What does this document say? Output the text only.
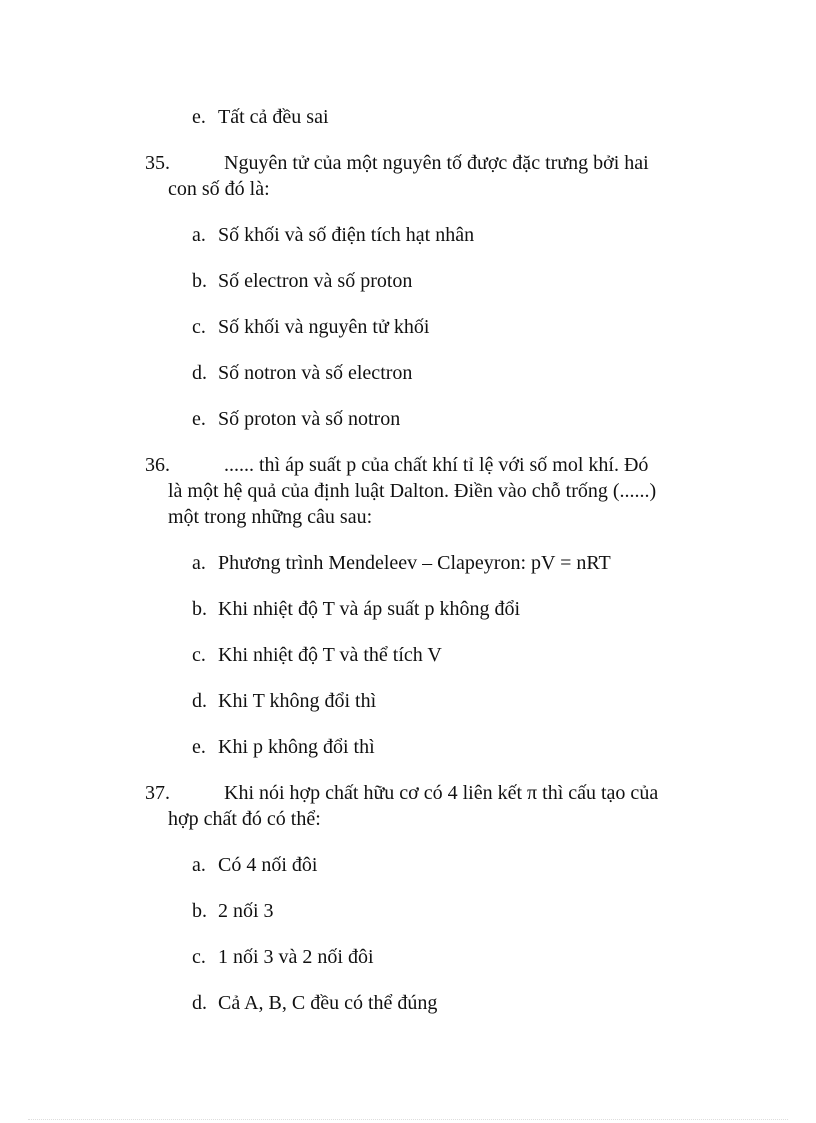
e. Tất cả đều sai
35.	Nguyên tử của một nguyên tố được đặc trưng bởi hai
con số đó là:
a. Số khối và số điện tích hạt nhân
b. Số electron và số proton
c. Số khối và nguyên tử khối
d. Số notron và số electron
e. Số proton và số notron
36.	...... thì áp suất p của chất khí tỉ lệ với số mol khí. Đó
là một hệ quả của định luật Dalton. Điền vào chỗ trống (......)
một trong những câu sau:
a. Phương trình Mendeleev – Clapeyron: pV = nRT
b. Khi nhiệt độ T và áp suất p không đổi
c. Khi nhiệt độ T và thể tích V
d. Khi T không đổi thì
e. Khi p không đổi thì
37.	Khi nói hợp chất hữu cơ có 4 liên kết π thì cấu tạo của
hợp chất đó có thể:
a. Có 4 nối đôi
b. 2 nối 3
c. 1 nối 3 và 2 nối đôi
d. Cả A, B, C đều có thể đúng
